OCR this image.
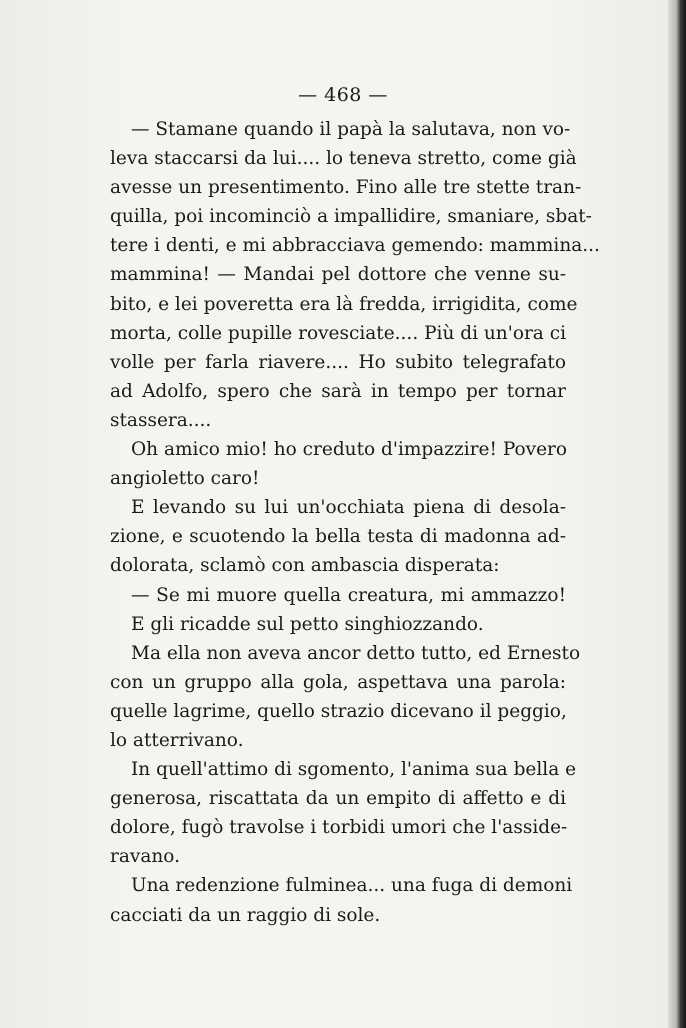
— 468 —
— Stamane quando il papà la salutava, non vo-
leva staccarsi da lui.... lo teneva stretto, come già
avesse un presentimento. Fino alle tre stette tran-
quilla, poi incominciò a impallidire, smaniare, sbat-
tere i denti, e mi abbracciava gemendo: mammina...
mammina! — Mandai pel dottore che venne su-
bito, e lei poveretta era là fredda, irrigidita, come
morta, colle pupille rovesciate.... Più di un'ora ci
volle per farla riavere.... Ho subito telegrafato
ad Adolfo, spero che sarà in tempo per tornar
stassera....
Oh amico mio! ho creduto d'impazzire! Povero
angioletto caro!
E levando su lui un'occhiata piena di desola-
zione, e scuotendo la bella testa di madonna ad-
dolorata, sclamò con ambascia disperata:
— Se mi muore quella creatura, mi ammazzo!
E gli ricadde sul petto singhiozzando.
Ma ella non aveva ancor detto tutto, ed Ernesto
con un gruppo alla gola, aspettava una parola:
quelle lagrime, quello strazio dicevano il peggio,
lo atterrivano.
In quell'attimo di sgomento, l'anima sua bella e
generosa, riscattata da un empito di affetto e di
dolore, fugò travolse i torbidi umori che l'asside-
ravano.
Una redenzione fulminea... una fuga di demoni
cacciati da un raggio di sole.
